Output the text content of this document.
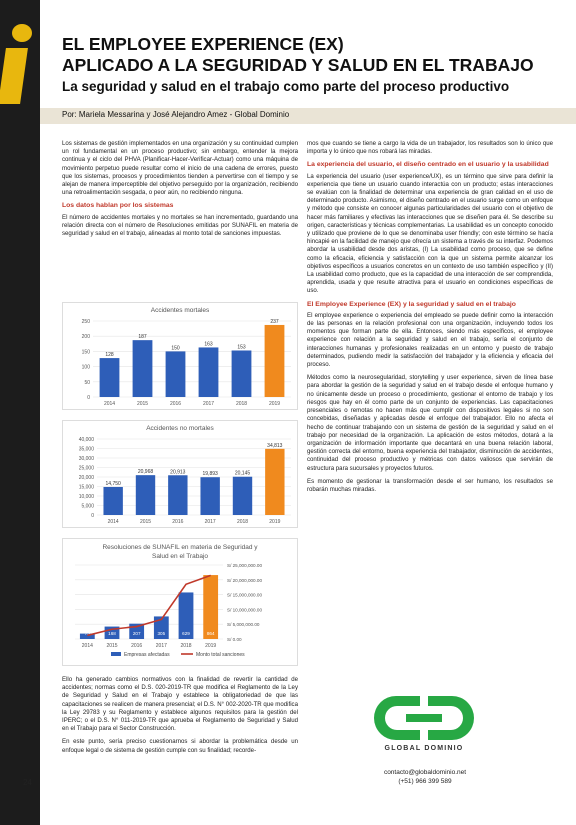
24
EL EMPLOYEE EXPERIENCE (EX)
APLICADO A LA SEGURIDAD Y SALUD EN EL TRABAJO
La seguridad y salud en el trabajo como parte del proceso productivo
Por: Mariela Messarina y José Alejandro Amez - Global Dominio

Los sistemas de gestión implementados en una organización y su continuidad cumplen un rol fundamental en un proceso productivo; sin embargo, entender la mejora continua y el ciclo del PHVA (Planificar-Hacer-Verificar-Actuar) como una máquina de movimiento perpetuo puede resultar como el inicio de una cadena de errores, puesto que los sistemas, procesos y procedimientos tienden a pervertirse con el tiempo y se alejan de manera imperceptible del objetivo perseguido por la organización, recibiendo una retroalimentación sesgada, o peor aún, no recibiendo ninguna.

Los datos hablan por los sistemas

El número de accidentes mortales y no mortales se han incrementado, guardando una relación directa con el número de Resoluciones emitidas por SUNAFIL en materia de seguridad y salud en el trabajo, alineadas al monto total de sanciones impuestas.

Accidentes mortales
0
50
100
150
200
250
128
2014
187
2015
150
2016
163
2017
153
2018
237
2019
Accidentes no mortales
0
5,000
10,000
15,000
20,000
25,000
30,000
35,000
40,000
14,750
2014
20,968
2015
20,913
2016
19,893
2017
20,145
2018
34,813
2019
Resoluciones de SUNAFIL en materia de Seguridad y
Salud en el Trabajo
S/ 0.00
S/ 5,000,000.00
S/ 10,000,000.00
S/ 15,000,000.00
S/ 20,000,000.00
S/ 25,000,000.00
73
2014
168
2015
207
2016
305
2017
629
2018
864
2019
Empresas afectadas	Monto total sanciones

Ello ha generado cambios normativos con la finalidad de revertir la cantidad de accidentes; normas como el D.S. 020-2019-TR que modifica el Reglamento de la Ley de Seguridad y Salud en el Trabajo y establece la obligatoriedad de que las capacitaciones se realicen de manera presencial; el D.S. N° 002-2020-TR que modifica la Ley 29783 y su Reglamento y establece algunos requisitos para la gestión del IPERC; o el D.S. N° 011-2019-TR que aprueba el Reglamento de Seguridad y Salud en el Trabajo para el Sector Construcción.

En este punto, sería preciso cuestionarnos si abordar la problemática desde un enfoque legal o de sistema de gestión cumple con su finalidad; recorde-

mos que cuando se tiene a cargo la vida de un trabajador, los resultados son lo único que importa y lo único que nos robará las miradas.

La experiencia del usuario, el diseño centrado en el usuario y la usabilidad

La experiencia del usuario (user experience/UX), es un término que sirve para definir la experiencia que tiene un usuario cuando interactúa con un producto; estas interacciones se evalúan con la finalidad de determinar una experiencia de gran calidad en el uso de determinado producto. Asimismo, el diseño centrado en el usuario surge como un enfoque y método que consiste en conocer algunas particularidades del usuario con el objetivo de hacer más familiares y efectivas las interacciones que se diseñen para él. Se describe su origen, características y técnicas complementarias. La usabilidad es un concepto conocido y utilizado que proviene de lo que se denominaba user friendly; con este término se hacía hincapié en la facilidad de manejo que ofrecía un sistema a través de su interfaz. Podemos abordar la usabilidad desde dos aristas, (I) La usabilidad como proceso, que se define como la eficacia, eficiencia y satisfacción con la que un sistema permite alcanzar los objetivos específicos a usuarios concretos en un contexto de uso también específico y (II) La usabilidad como producto, que es la capacidad de una interacción de ser comprendida, aprendida, usada y que resulte atractiva para el usuario en condiciones específicas de uso.

El Employee Experience (EX) y la seguridad y salud en el trabajo

El employee experience o experiencia del empleado se puede definir como la interacción de las personas en la relación profesional con una organización, incluyendo todos los momentos que forman parte de ella. Entonces, siendo más específicos, el employee experience con relación a la seguridad y salud en el trabajo, sería el conjunto de interacciones humanas y profesionales realizadas en un entorno y puesto de trabajo determinados, pudiendo medir la satisfacción del trabajador y la eficiencia y eficacia del proceso.

Métodos como la neurosegularidad, storytelling y user experience, sirven de línea base para abordar la gestión de la seguridad y salud en el trabajo desde el enfoque humano y no únicamente desde un proceso o procedimiento, gestionar el entorno de trabajo y los riesgos que hay en él como parte de un conjunto de experiencias. Las capacitaciones presenciales o remotas no hacen más que cumplir con dispositivos legales si no son concebidas, diseñadas y aplicadas desde el enfoque del trabajador. Ello no afecta el hecho de continuar trabajando con un sistema de gestión de la seguridad y salud en el trabajo por necesidad de la organización. La aplicación de estos métodos, dotará a la organización de información importante que decantará en una buena relación laboral, gestión correcta del entorno, buena experiencia del trabajador, disminución de accidentes, continuidad del proceso productivo y métricas con datos valiosos que servirán de estructura para sucursales y proyectos futuros.

Es momento de gestionar la transformación desde el ser humano, los resultados se robarán muchas miradas.

GLOBAL DOMINIO
contacto@globaldominio.net
(+51) 966 399 589
